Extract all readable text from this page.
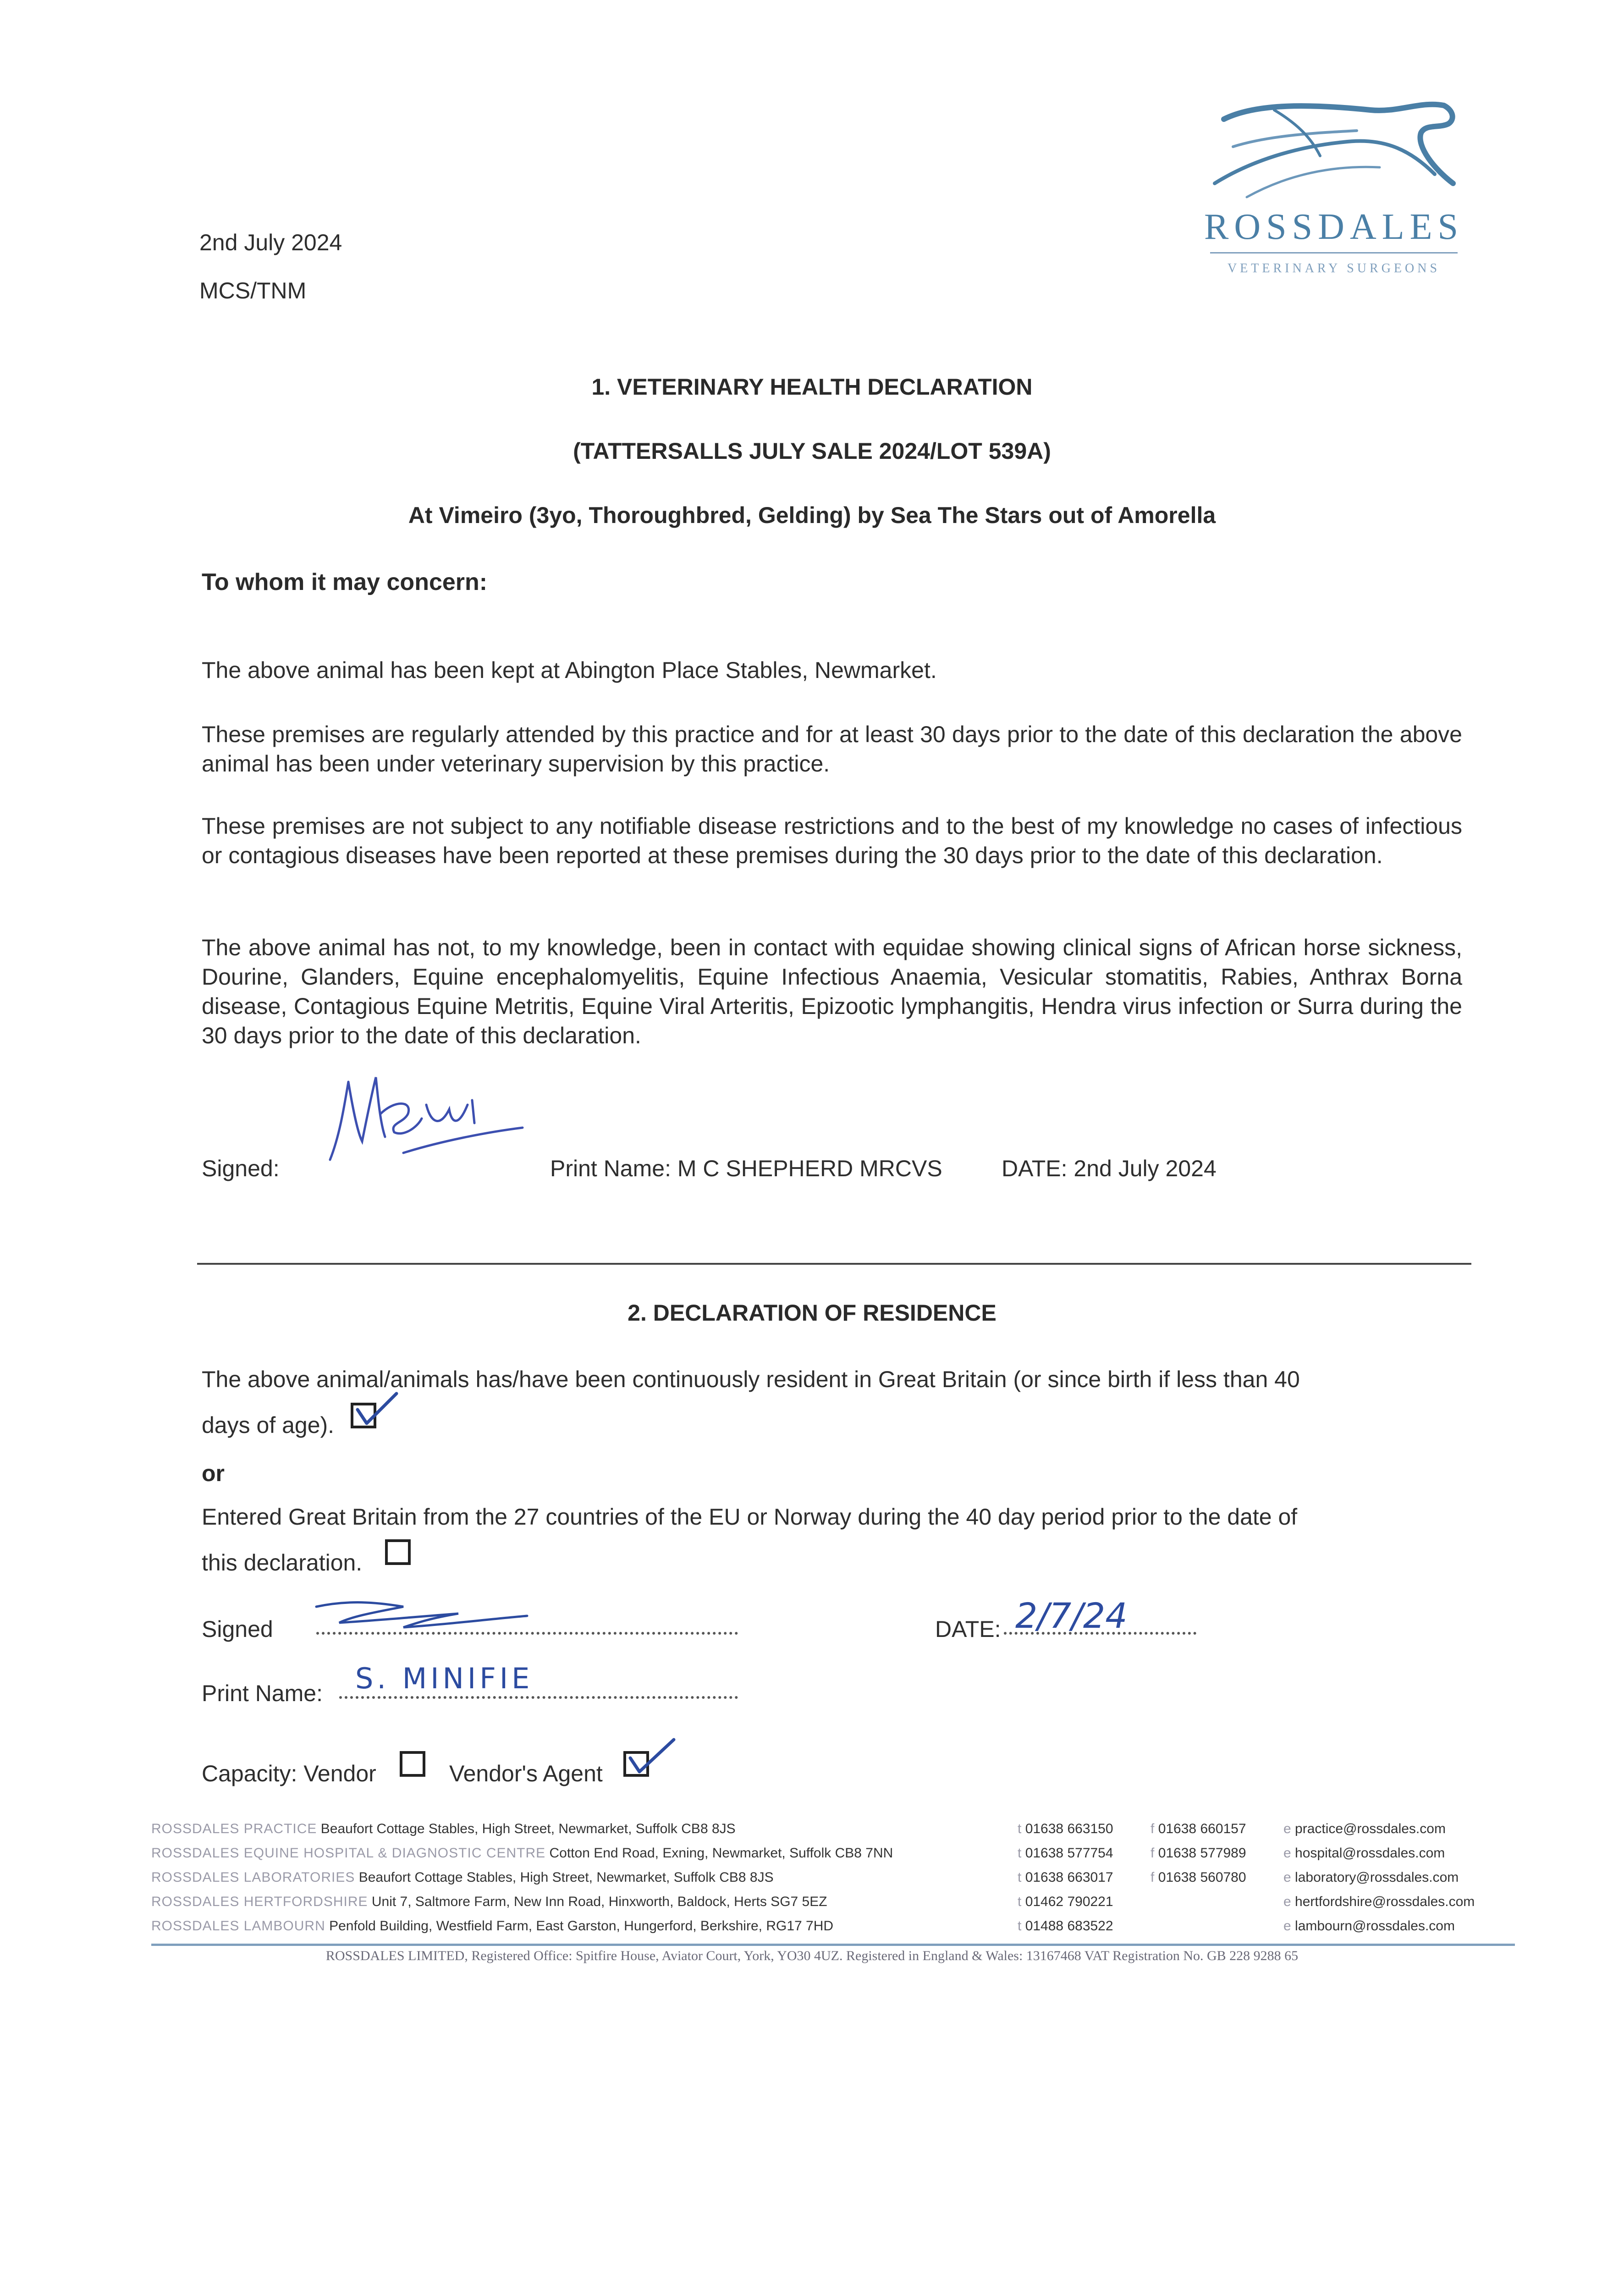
ROSSDALES
VETERINARY SURGEONS
2nd July 2024
MCS/TNM
1. VETERINARY HEALTH DECLARATION
(TATTERSALLS JULY SALE 2024/LOT 539A)
At Vimeiro (3yo, Thoroughbred, Gelding) by Sea The Stars out of Amorella
To whom it may concern:

The above animal has been kept at Abington Place Stables, Newmarket.

These premises are regularly attended by this practice and for at least 30 days prior to the date of this declaration the above animal has been under veterinary supervision by this practice.

These premises are not subject to any notifiable disease restrictions and to the best of my knowledge no cases of infectious or contagious diseases have been reported at these premises during the 30 days prior to the date of this declaration.

The above animal has not, to my knowledge, been in contact with equidae showing clinical signs of African horse sickness, Dourine, Glanders, Equine encephalomyelitis, Equine Infectious Anaemia, Vesicular stomatitis, Rabies, Anthrax Borna disease, Contagious Equine Metritis, Equine Viral Arteritis, Epizootic lymphangitis, Hendra virus infection or Surra during the 30 days prior to the date of this declaration.

Signed:	Print Name: M C SHEPHERD MRCVS	DATE: 2nd July 2024
2. DECLARATION OF RESIDENCE
The above animal/animals has/have been continuously resident in Great Britain (or since birth if less than 40
days of age).
or
Entered Great Britain from the 27 countries of the EU or Norway during the 40 day period prior to the date of
this declaration.
Signed	DATE: 2/7/24
Print Name: S. MINIFIE
Capacity: Vendor	Vendor's Agent
ROSSDALES PRACTICE Beaufort Cottage Stables, High Street, Newmarket, Suffolk CB8 8JS	t 01638 663150	f 01638 660157	e practice@rossdales.com
ROSSDALES EQUINE HOSPITAL & DIAGNOSTIC CENTRE Cotton End Road, Exning, Newmarket, Suffolk CB8 7NN	t 01638 577754	f 01638 577989	e hospital@rossdales.com
ROSSDALES LABORATORIES Beaufort Cottage Stables, High Street, Newmarket, Suffolk CB8 8JS	t 01638 663017	f 01638 560780	e laboratory@rossdales.com
ROSSDALES HERTFORDSHIRE Unit 7, Saltmore Farm, New Inn Road, Hinxworth, Baldock, Herts SG7 5EZ	t 01462 790221	e hertfordshire@rossdales.com
ROSSDALES LAMBOURN Penfold Building, Westfield Farm, East Garston, Hungerford, Berkshire, RG17 7HD	t 01488 683522	e lambourn@rossdales.com
ROSSDALES LIMITED, Registered Office: Spitfire House, Aviator Court, York, YO30 4UZ. Registered in England & Wales: 13167468 VAT Registration No. GB 228 9288 65
